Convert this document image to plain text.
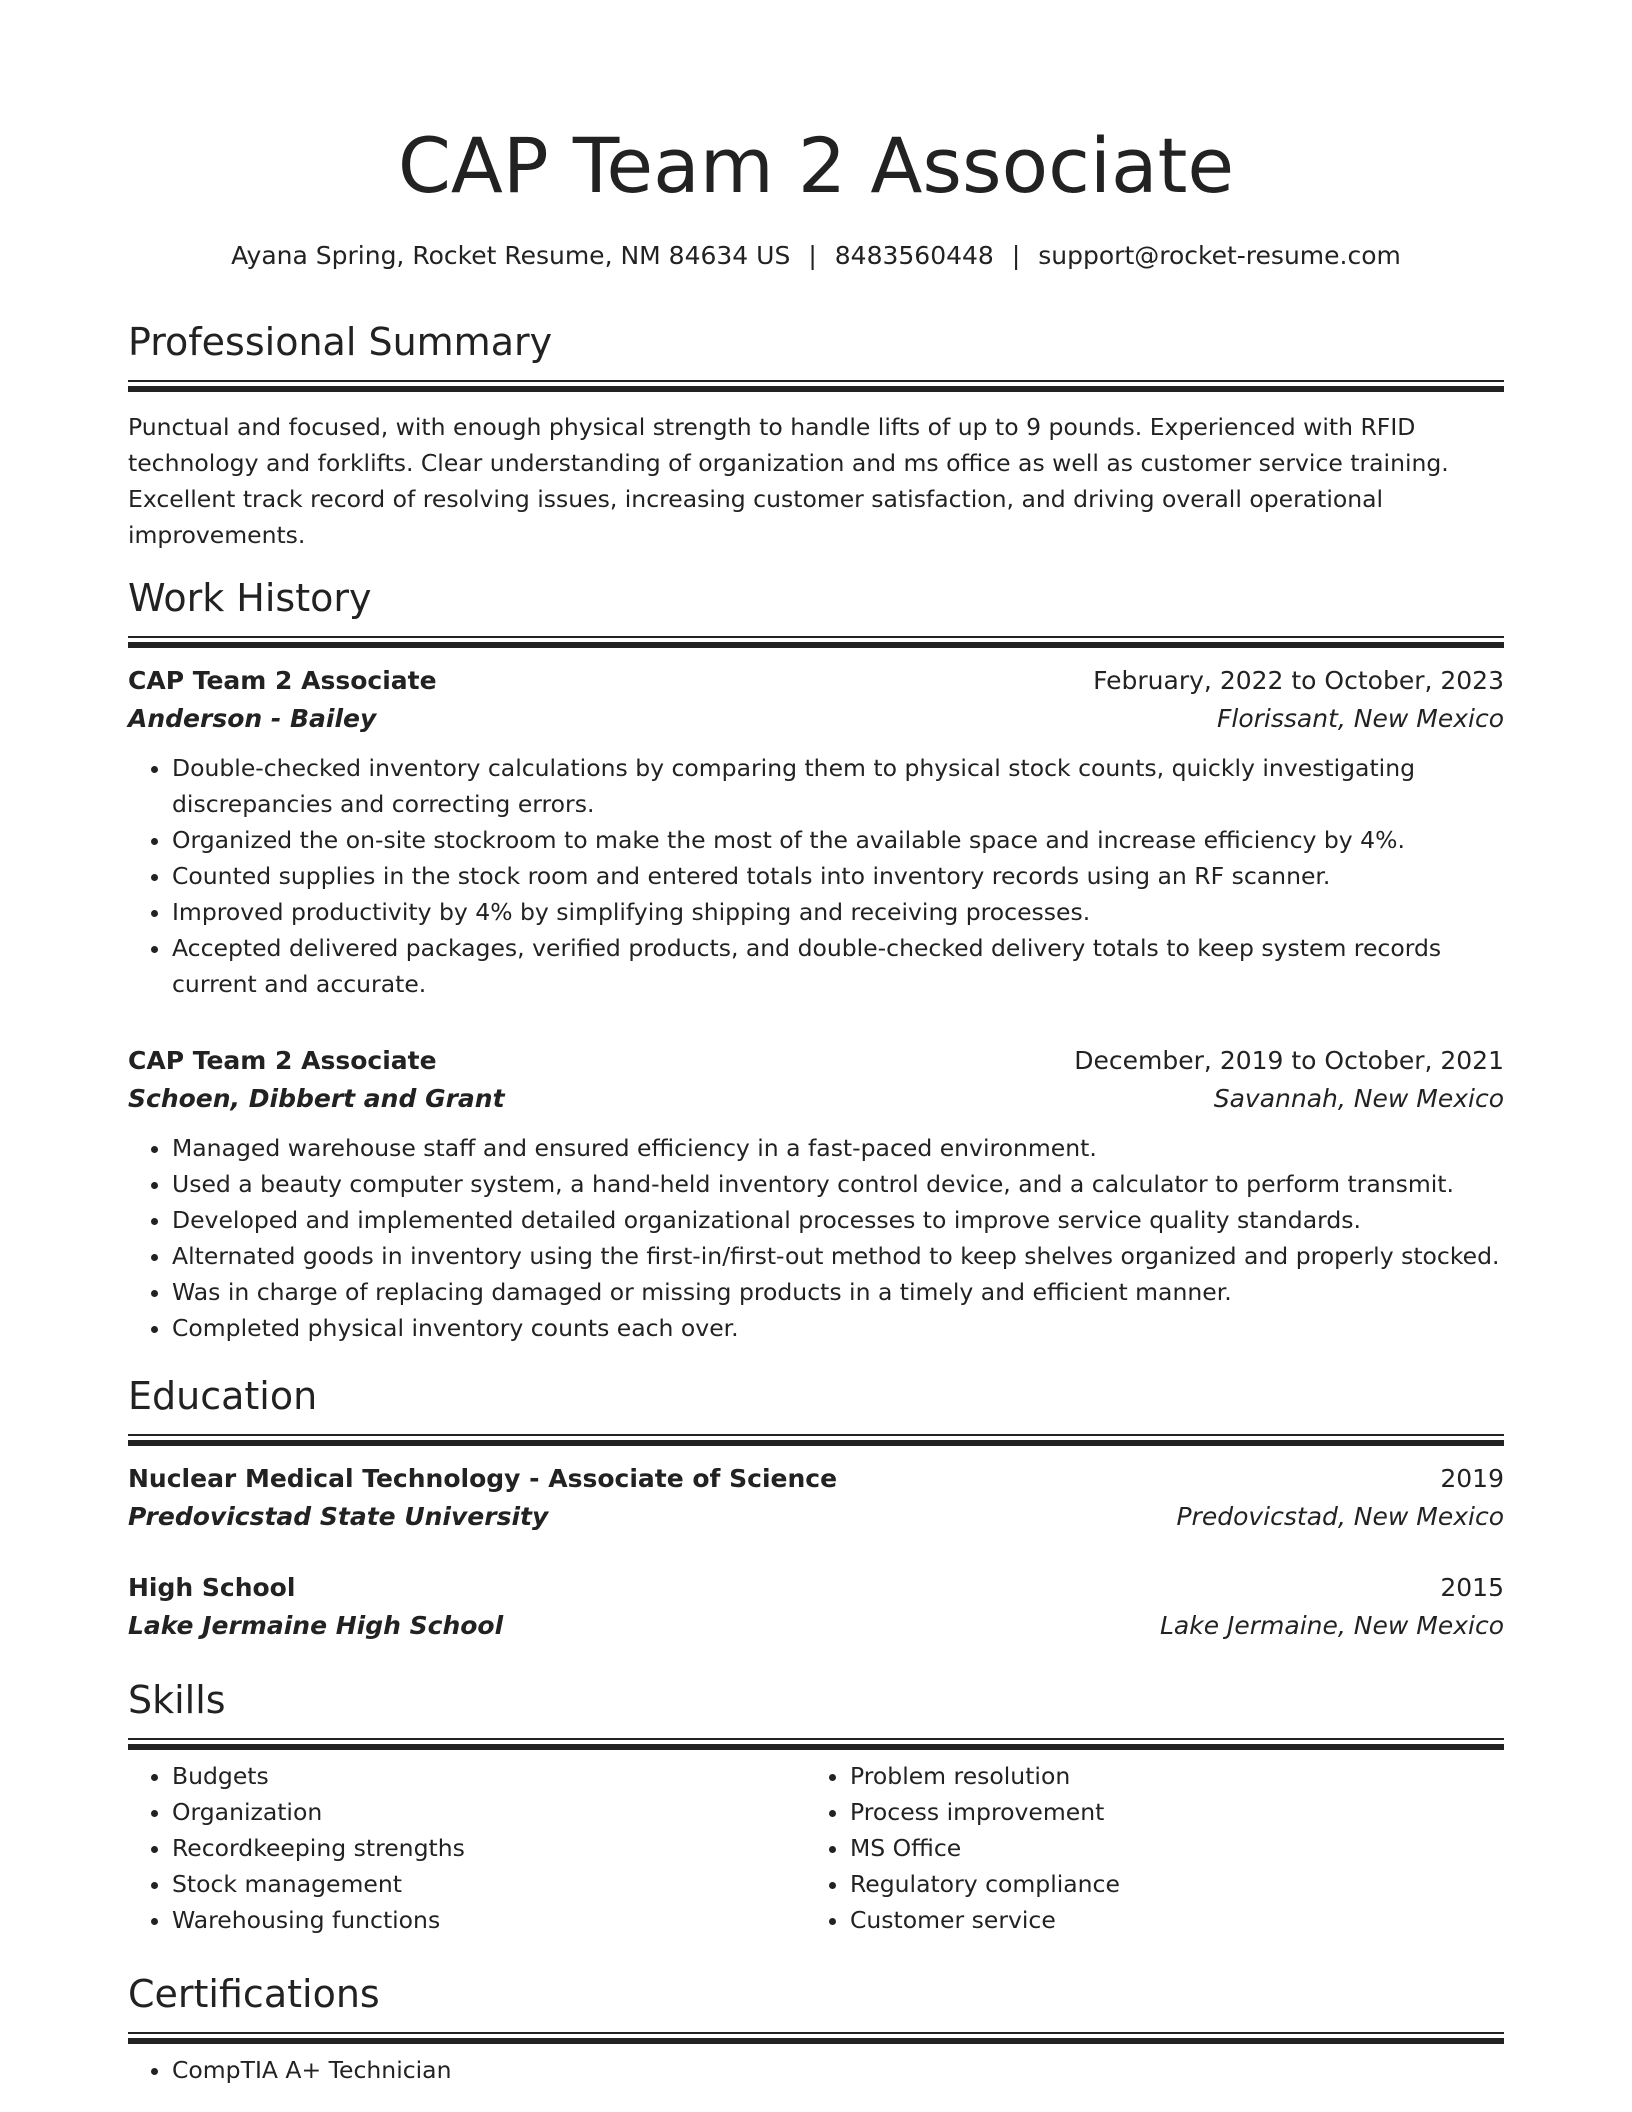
CAP Team 2 Associate
Ayana Spring, Rocket Resume, NM 84634 US | 8483560448 | support@rocket-resume.com
Professional Summary
Punctual and focused, with enough physical strength to handle lifts of up to 9 pounds. Experienced with RFID technology and forklifts. Clear understanding of organization and ms office as well as customer service training. Excellent track record of resolving issues, increasing customer satisfaction, and driving overall operational improvements.
Work History
CAP Team 2 Associate	February, 2022 to October, 2023
Anderson - Bailey	Florissant, New Mexico
• Double-checked inventory calculations by comparing them to physical stock counts, quickly investigating discrepancies and correcting errors.
• Organized the on-site stockroom to make the most of the available space and increase efficiency by 4%.
• Counted supplies in the stock room and entered totals into inventory records using an RF scanner.
• Improved productivity by 4% by simplifying shipping and receiving processes.
• Accepted delivered packages, verified products, and double-checked delivery totals to keep system records current and accurate.
CAP Team 2 Associate	December, 2019 to October, 2021
Schoen, Dibbert and Grant	Savannah, New Mexico
• Managed warehouse staff and ensured efficiency in a fast-paced environment.
• Used a beauty computer system, a hand-held inventory control device, and a calculator to perform transmit.
• Developed and implemented detailed organizational processes to improve service quality standards.
• Alternated goods in inventory using the first-in/first-out method to keep shelves organized and properly stocked.
• Was in charge of replacing damaged or missing products in a timely and efficient manner.
• Completed physical inventory counts each over.
Education
Nuclear Medical Technology - Associate of Science	2019
Predovicstad State University	Predovicstad, New Mexico
High School	2015
Lake Jermaine High School	Lake Jermaine, New Mexico
Skills
• Budgets
• Organization
• Recordkeeping strengths
• Stock management
• Warehousing functions
• Problem resolution
• Process improvement
• MS Office
• Regulatory compliance
• Customer service
Certifications
• CompTIA A+ Technician
